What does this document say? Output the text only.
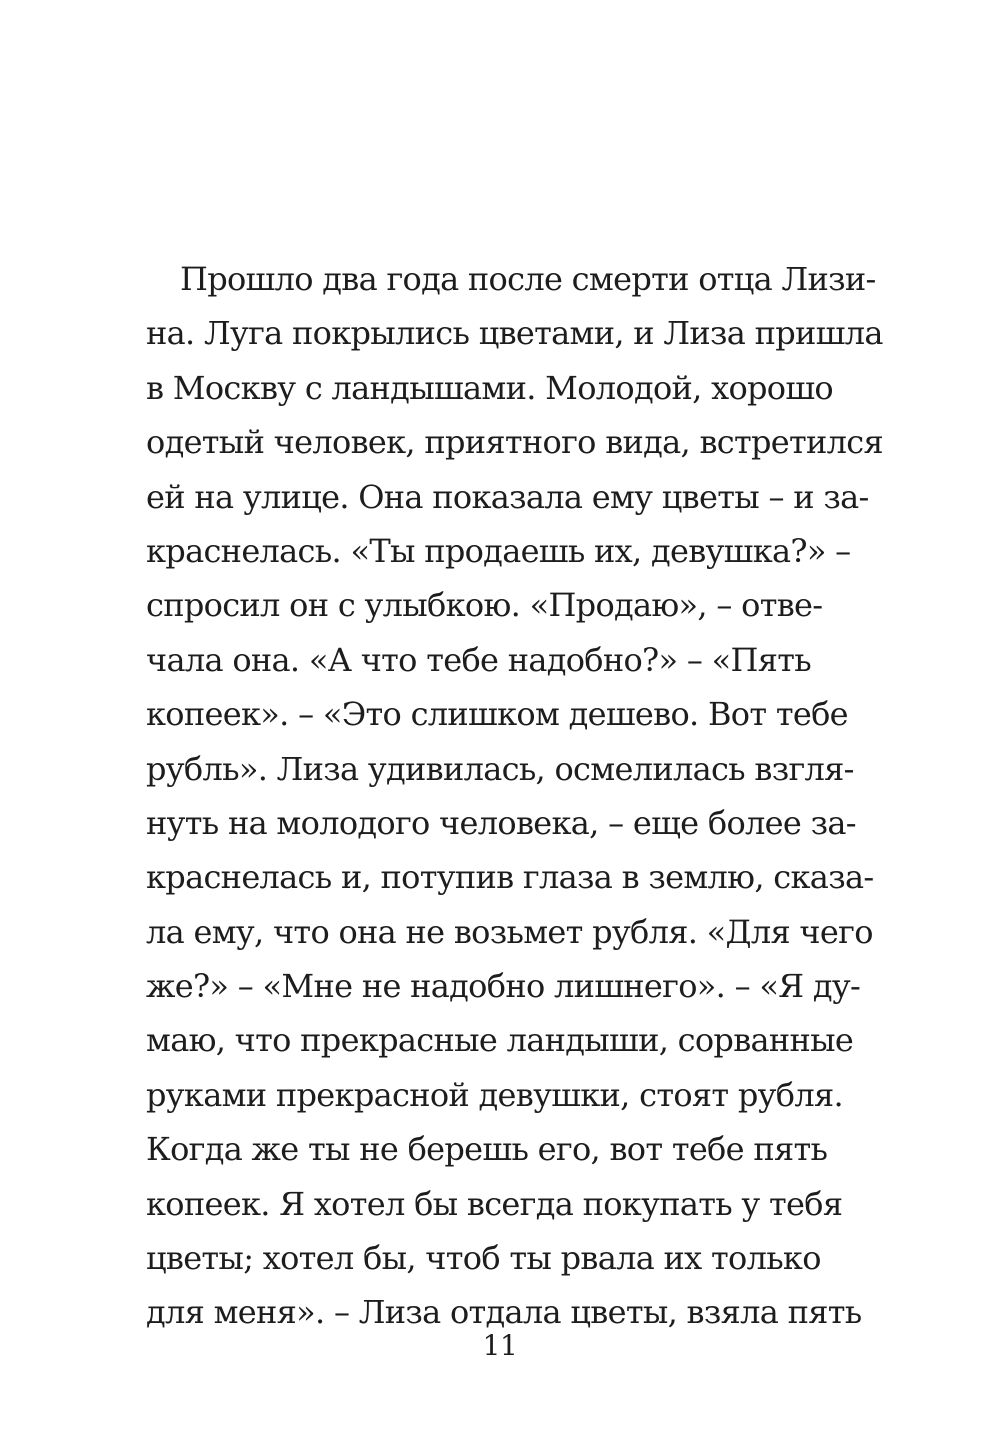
Прошло два года после смерти отца Лизи-
на. Луга покрылись цветами, и Лиза пришла
в Москву с ландышами. Молодой, хорошо
одетый человек, приятного вида, встретился
ей на улице. Она показала ему цветы – и за-
краснелась. «Ты продаешь их, девушка?» –
спросил он с улыбкою. «Продаю», – отве-
чала она. «А что тебе надобно?» – «Пять
копеек». – «Это слишком дешево. Вот тебе
рубль». Лиза удивилась, осмелилась взгля-
нуть на молодого человека, – еще более за-
краснелась и, потупив глаза в землю, сказа-
ла ему, что она не возьмет рубля. «Для чего
же?» – «Мне не надобно лишнего». – «Я ду-
маю, что прекрасные ландыши, сорванные
руками прекрасной девушки, стоят рубля.
Когда же ты не берешь его, вот тебе пять
копеек. Я хотел бы всегда покупать у тебя
цветы; хотел бы, чтоб ты рвала их только
для меня». – Лиза отдала цветы, взяла пять
11
